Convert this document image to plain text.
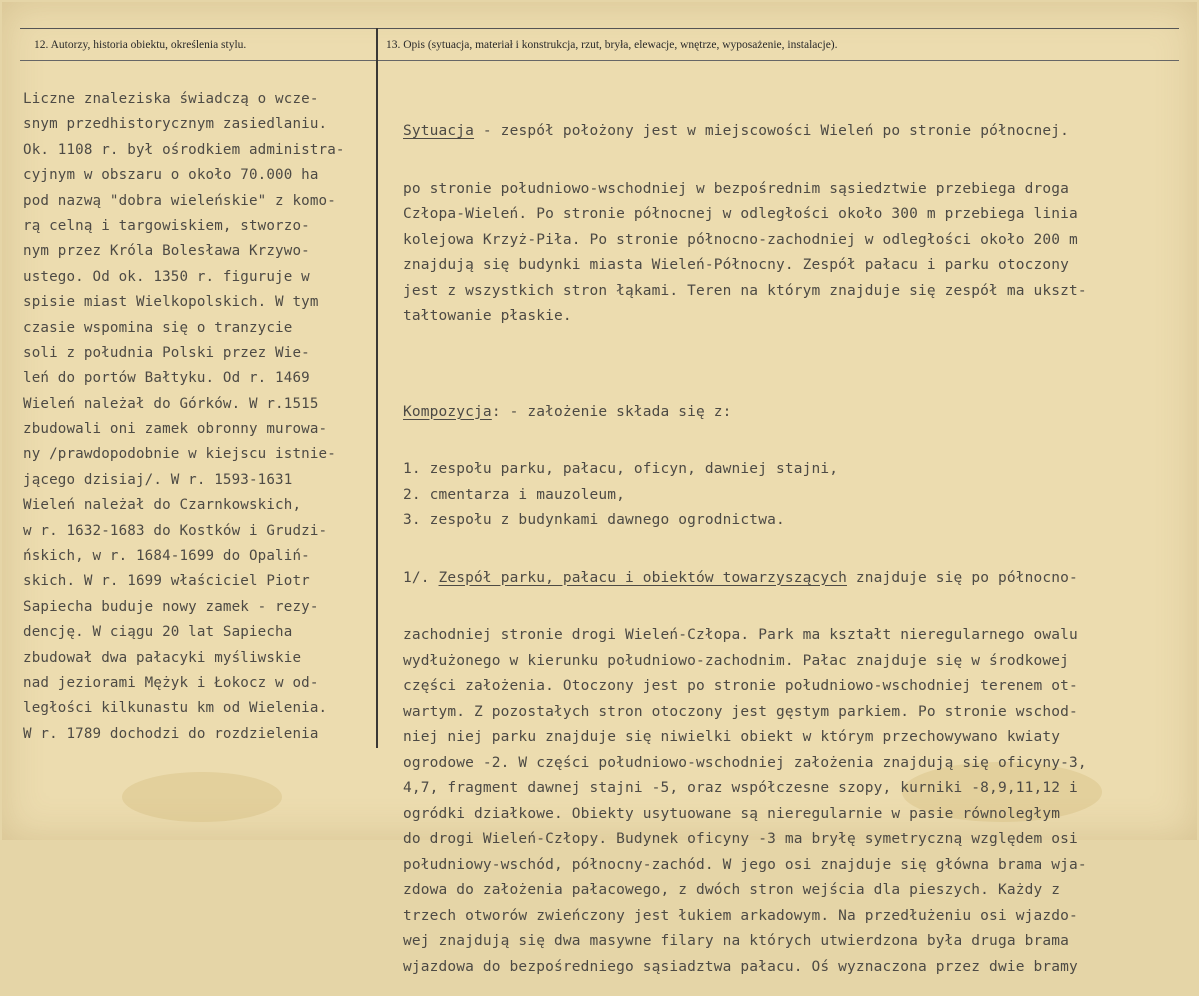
12. Autorzy, historia obiektu, określenia stylu.	13. Opis (sytuacja, materiał i konstrukcja, rzut, bryła, elewacje, wnętrze, wyposażenie, instalacje).
Liczne znaleziska świadczą o wcze-
snym przedhistorycznym zasiedlaniu.
Ok. 1108 r. był ośrodkiem administra-
cyjnym w obszaru o około 70.000 ha
pod nazwą "dobra wieleńskie" z komo-
rą celną i targowiskiem, stworzo-
nym przez Króla Bolesława Krzywo-
ustego. Od ok. 1350 r. figuruje w
spisie miast Wielkopolskich. W tym
czasie wspomina się o tranzycie
soli z południa Polski przez Wie-
leń do portów Bałtyku. Od r. 1469
Wieleń należał do Górków. W r.1515
zbudowali oni zamek obronny murowa-
ny /prawdopodobnie w kiejscu istnie-
jącego dzisiaj/. W r. 1593-1631
Wieleń należał do Czarnkowskich,
w r. 1632-1683 do Kostków i Grudzi-
ńskich, w r. 1684-1699 do Opaliń-
skich. W r. 1699 właściciel Piotr
Sapiecha buduje nowy zamek - rezy-
dencję. W ciągu 20 lat Sapiecha
zbudował dwa pałacyki myśliwskie
nad jeziorami Mężyk i Łokocz w od-
ległości kilkunastu km od Wielenia.
W r. 1789 dochodzi do rozdzielenia

Sytuacja - zespół położony jest w miejscowości Wieleń po stronie północnej.

po stronie południowo-wschodniej w bezpośrednim sąsiedztwie przebiega droga
Człopa-Wieleń. Po stronie północnej w odległości około 300 m przebiega linia
kolejowa Krzyż-Piła. Po stronie północno-zachodniej w odległości około 200 m
znajdują się budynki miasta Wieleń-Północny. Zespół pałacu i parku otoczony
jest z wszystkich stron łąkami. Teren na którym znajduje się zespół ma ukszt-
tałtowanie płaskie.

Kompozycja: - założenie składa się z:

1. zespołu parku, pałacu, oficyn, dawniej stajni,
2. cmentarza i mauzoleum,
3. zespołu z budynkami dawnego ogrodnictwa.

1/. Zespół parku, pałacu i obiektów towarzyszących znajduje się po północno-

zachodniej stronie drogi Wieleń-Człopa. Park ma kształt nieregularnego owalu
wydłużonego w kierunku południowo-zachodnim. Pałac znajduje się w środkowej
części założenia. Otoczony jest po stronie południowo-wschodniej terenem ot-
wartym. Z pozostałych stron otoczony jest gęstym parkiem. Po stronie wschod-
niej niej parku znajduje się niwielki obiekt w którym przechowywano kwiaty
ogrodowe -2. W części południowo-wschodniej założenia znajdują się oficyny-3,
4,7, fragment dawnej stajni -5, oraz współczesne szopy, kurniki -8,9,11,12 i
ogródki działkowe. Obiekty usytuowane są nieregularnie w pasie równoległym
do drogi Wieleń-Człopy. Budynek oficyny -3 ma bryłę symetryczną względem osi
południowy-wschód, północny-zachód. W jego osi znajduje się główna brama wja-
zdowa do założenia pałacowego, z dwóch stron wejścia dla pieszych. Każdy z
trzech otworów zwieńczony jest łukiem arkadowym. Na przedłużeniu osi wjazdo-
wej znajdują się dwa masywne filary na których utwierdzona była druga brama
wjazdowa do bezpośredniego sąsiadztwa pałacu. Oś wyznaczona przez dwie bramy
